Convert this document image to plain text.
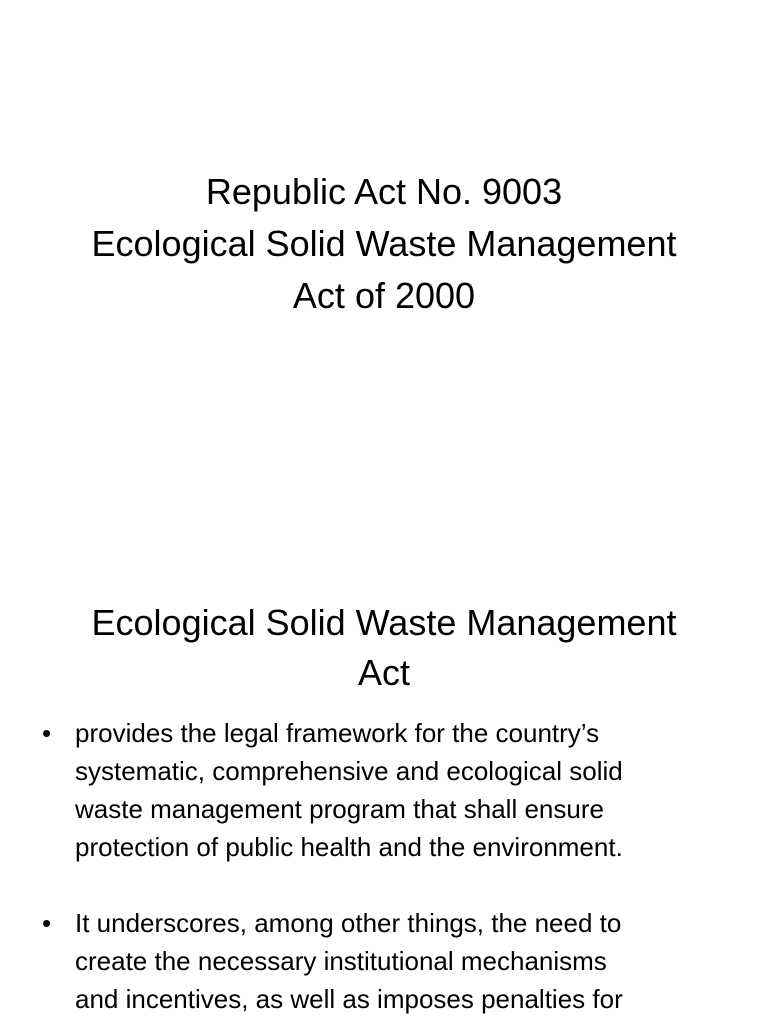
Republic Act No. 9003
Ecological Solid Waste Management
Act of 2000
Ecological Solid Waste Management
Act
• provides the legal framework for the country’s
systematic, comprehensive and ecological solid
waste management program that shall ensure
protection of public health and the environment.
• It underscores, among other things, the need to
create the necessary institutional mechanisms
and incentives, as well as imposes penalties for
